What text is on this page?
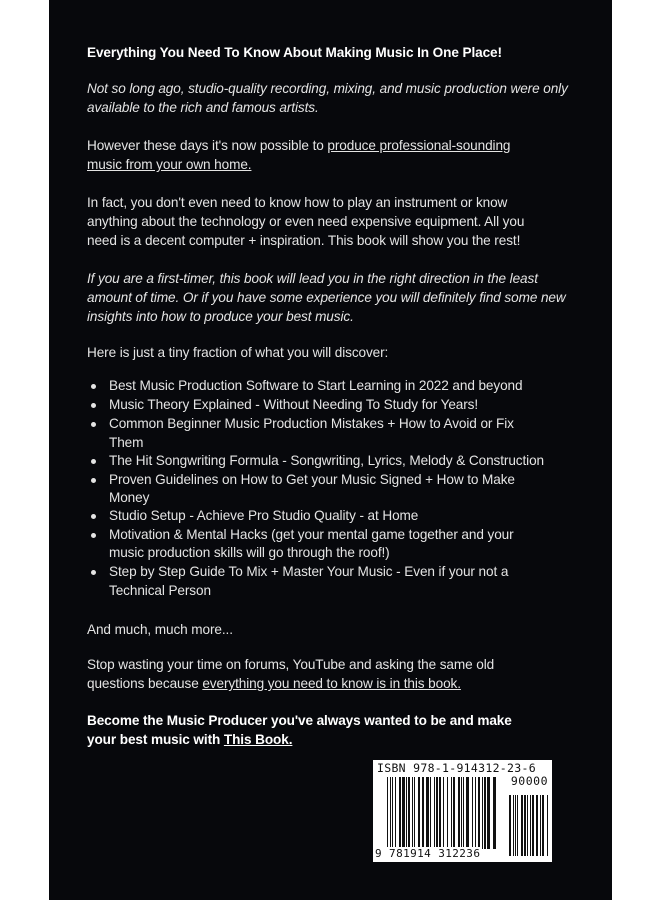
Everything You Need To Know About Making Music In One Place!
Not so long ago, studio-quality recording, mixing, and music production were only
available to the rich and famous artists.
However these days it's now possible to produce professional-sounding
music from your own home.
In fact, you don't even need to know how to play an instrument or know
anything about the technology or even need expensive equipment. All you
need is a decent computer + inspiration. This book will show you the rest!
If you are a first-timer, this book will lead you in the right direction in the least
amount of time. Or if you have some experience you will definitely find some new
insights into how to produce your best music.
Here is just a tiny fraction of what you will discover:
Best Music Production Software to Start Learning in 2022 and beyond
Music Theory Explained - Without Needing To Study for Years!
Common Beginner Music Production Mistakes + How to Avoid or Fix
Them
The Hit Songwriting Formula - Songwriting, Lyrics, Melody & Construction
Proven Guidelines on How to Get your Music Signed + How to Make
Money
Studio Setup - Achieve Pro Studio Quality - at Home
Motivation & Mental Hacks (get your mental game together and your
music production skills will go through the roof!)
Step by Step Guide To Mix + Master Your Music - Even if your not a
Technical Person
And much, much more...
Stop wasting your time on forums, YouTube and asking the same old
questions because everything you need to know is in this book.
Become the Music Producer you've always wanted to be and make
your best music with This Book.
ISBN 978-1-914312-23-6
90000
9 781914 312236
